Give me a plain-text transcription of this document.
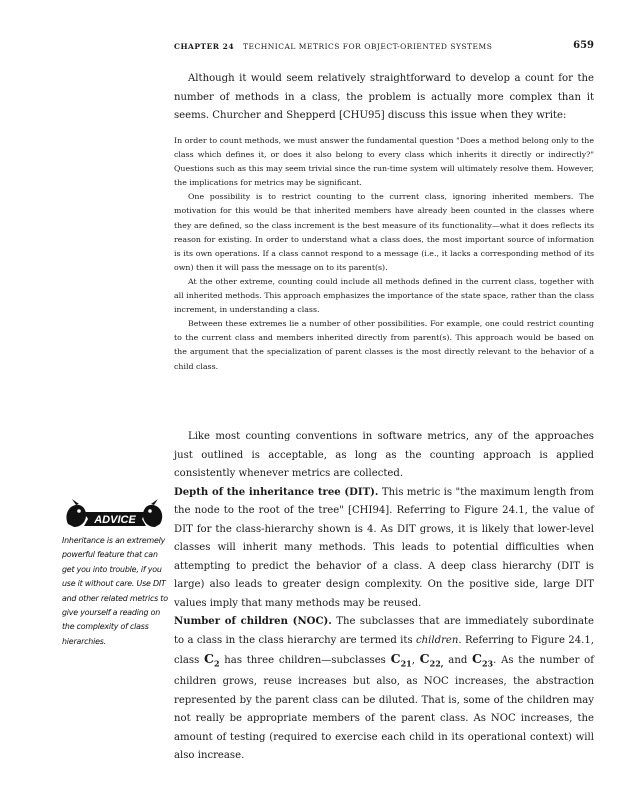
CHAPTER 24 TECHNICAL METRICS FOR OBJECT-ORIENTED SYSTEMS	659

Although it would seem relatively straightforward to develop a count for the number of methods in a class, the problem is actually more complex than it seems. Churcher and Shepperd [CHU95] discuss this issue when they write:

In order to count methods, we must answer the fundamental question "Does a method belong only to the class which defines it, or does it also belong to every class which inherits it directly or indirectly?" Questions such as this may seem trivial since the run-time system will ultimately resolve them. However, the implications for metrics may be significant.

One possibility is to restrict counting to the current class, ignoring inherited members. The motivation for this would be that inherited members have already been counted in the classes where they are defined, so the class increment is the best measure of its functionality—what it does reflects its reason for existing. In order to understand what a class does, the most important source of information is its own operations. If a class cannot respond to a message (i.e., it lacks a corresponding method of its own) then it will pass the message on to its parent(s).

At the other extreme, counting could include all methods defined in the current class, together with all inherited methods. This approach emphasizes the importance of the state space, rather than the class increment, in understanding a class.

Between these extremes lie a number of other possibilities. For example, one could restrict counting to the current class and members inherited directly from parent(s). This approach would be based on the argument that the specialization of parent classes is the most directly relevant to the behavior of a child class.

Like most counting conventions in software metrics, any of the approaches just outlined is acceptable, as long as the counting approach is applied consistently whenever metrics are collected.

Depth of the inheritance tree (DIT). This metric is "the maximum length from the node to the root of the tree" [CHI94]. Referring to Figure 24.1, the value of DIT for the class-hierarchy shown is 4. As DIT grows, it is likely that lower-level classes will inherit many methods. This leads to potential difficulties when attempting to predict the behavior of a class. A deep class hierarchy (DIT is large) also leads to greater design complexity. On the positive side, large DIT values imply that many methods may be reused.

Number of children (NOC). The subclasses that are immediately subordinate to a class in the class hierarchy are termed its children. Referring to Figure 24.1, class $C_2$ has three children—subclasses $C_{21}$, $C_{22,}$ and $C_{23}$. As the number of children grows, reuse increases but also, as NOC increases, the abstraction represented by the parent class can be diluted. That is, some of the children may not really be appropriate members of the parent class. As NOC increases, the amount of testing (required to exercise each child in its operational context) will also increase.

ADVICE
Inheritance is an extremely powerful feature that can get you into trouble, if you use it without care. Use DIT and other related metrics to give yourself a reading on the complexity of class hierarchies.
